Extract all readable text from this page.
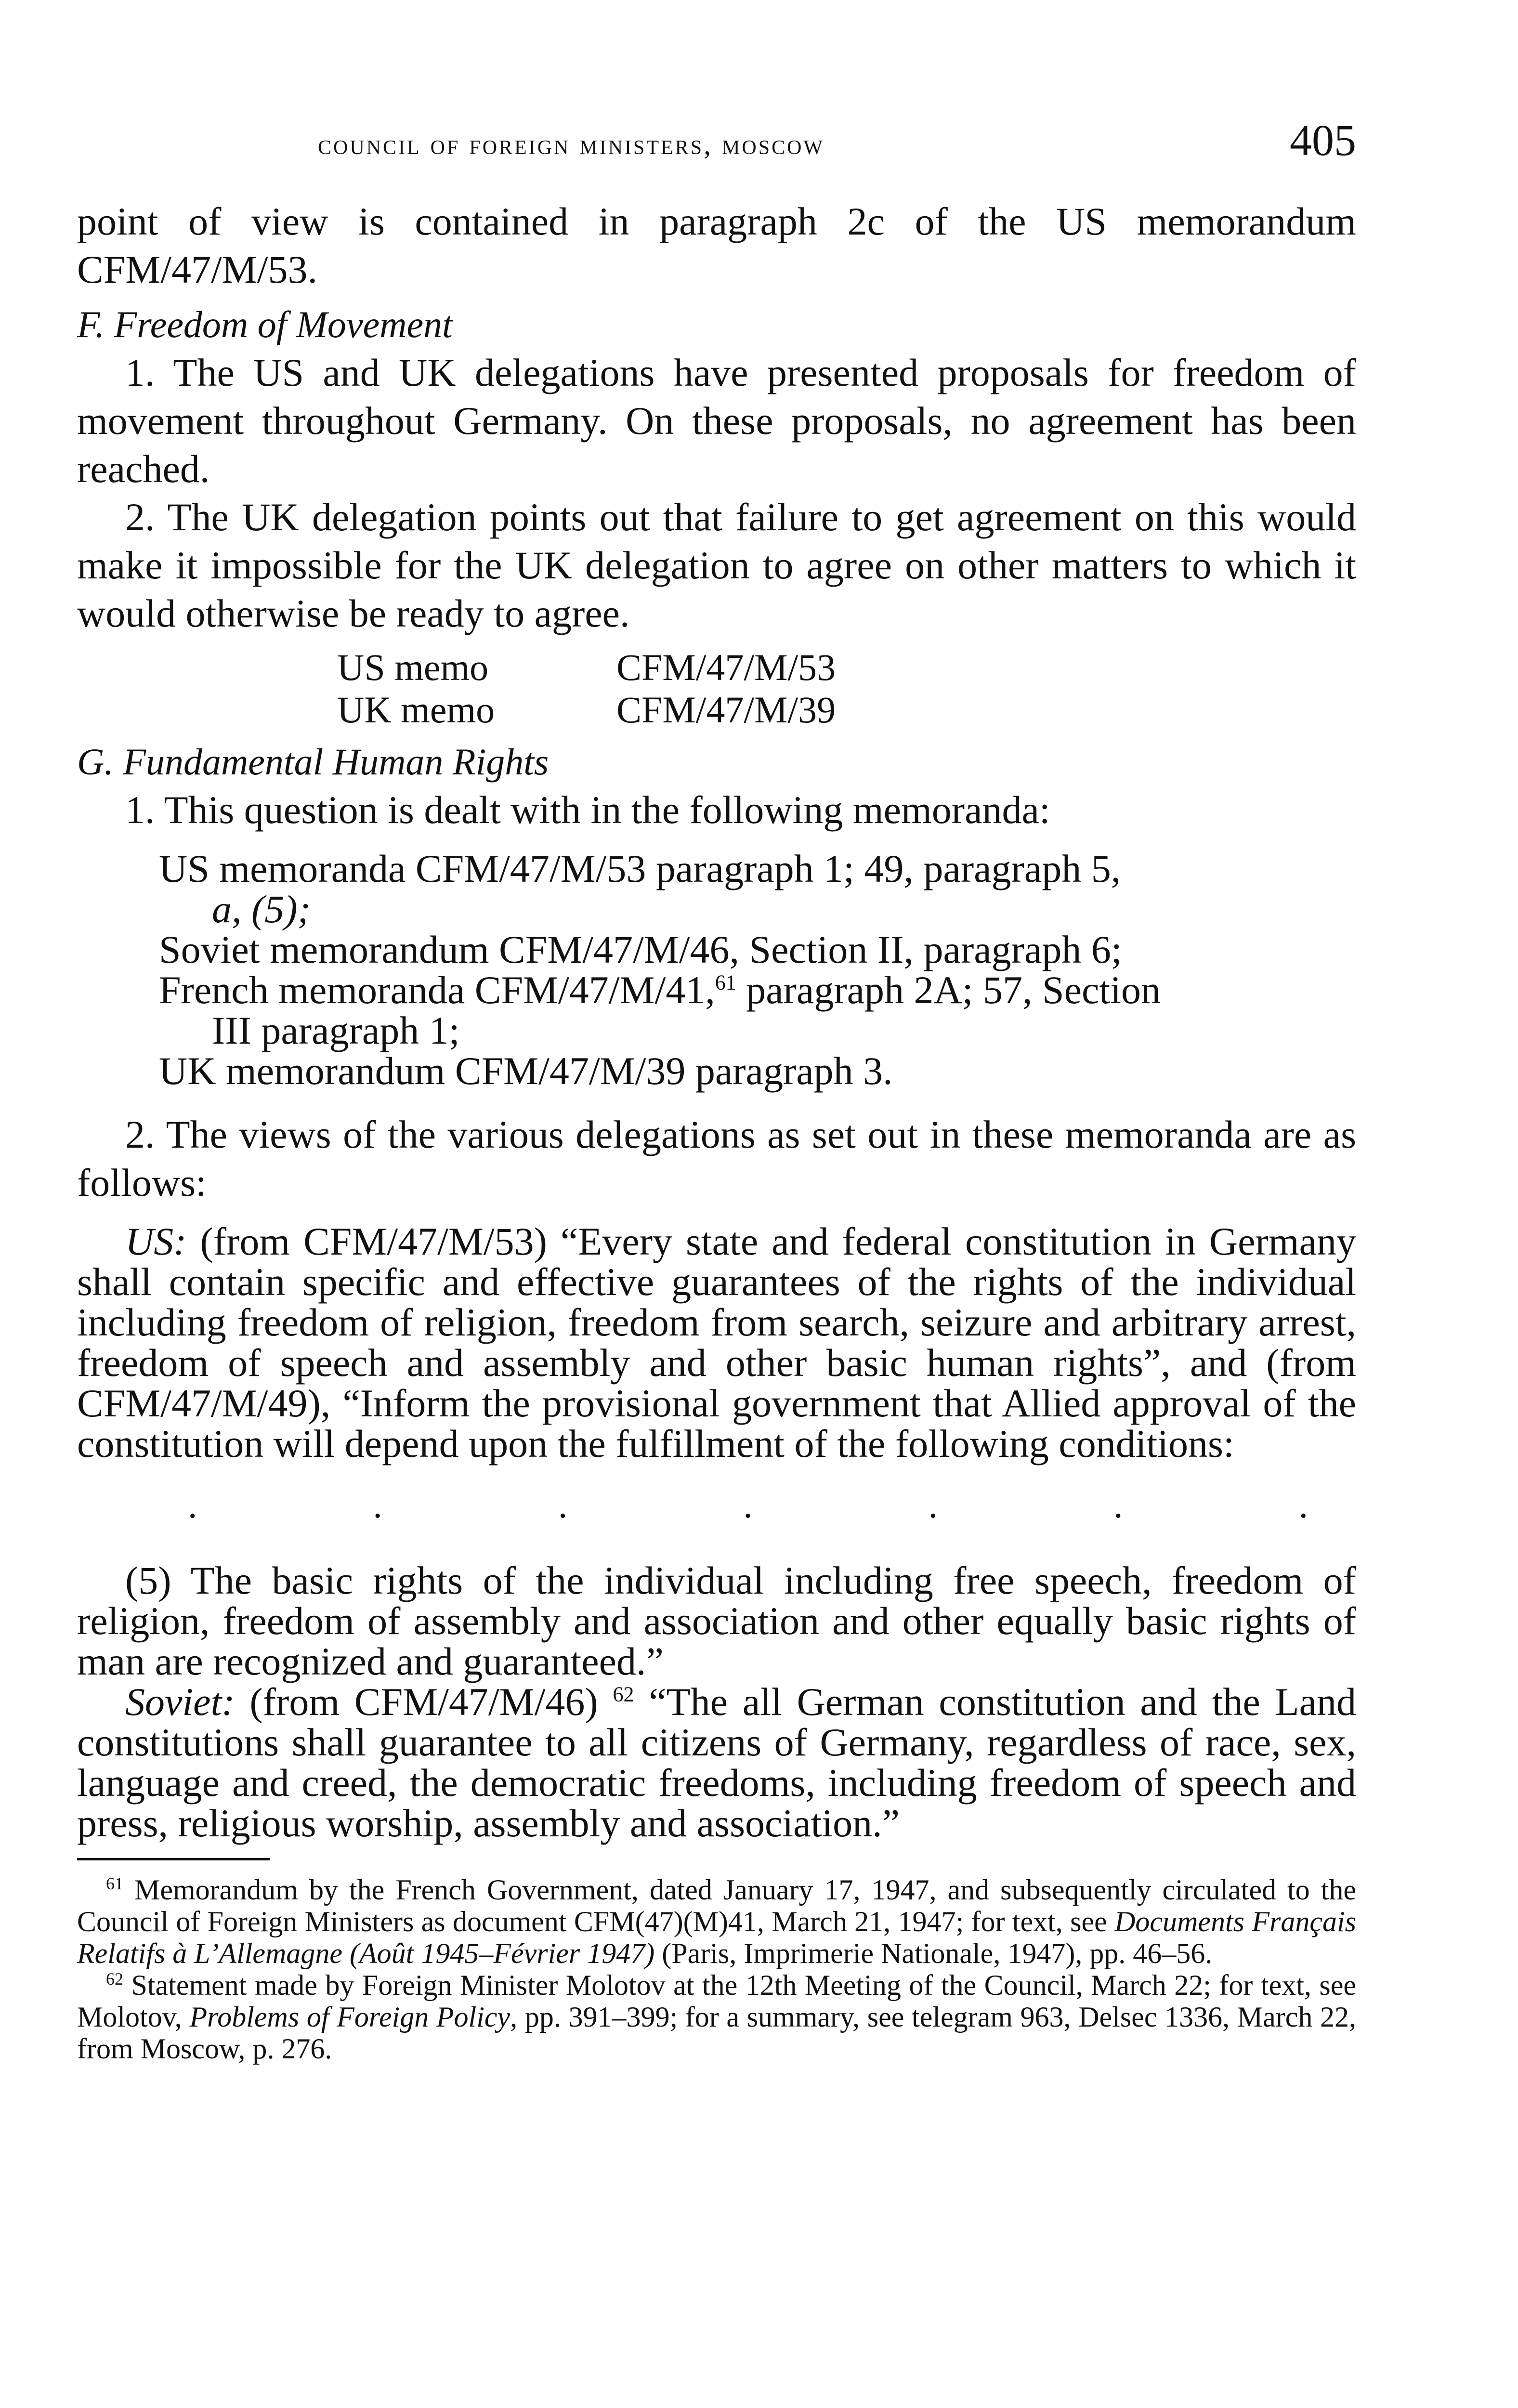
council of foreign ministers, moscow	405

point of view is contained in paragraph 2c of the US memorandum CFM/47/M/53.

F. Freedom of Movement

1. The US and UK delegations have presented proposals for freedom of movement throughout Germany. On these proposals, no agreement has been reached.

2. The UK delegation points out that failure to get agreement on this would make it impossible for the UK delegation to agree on other matters to which it would otherwise be ready to agree.

US memo	CFM/47/M/53
UK memo	CFM/47/M/39

G. Fundamental Human Rights

1. This question is dealt with in the following memoranda:

US memoranda CFM/47/M/53 paragraph 1; 49, paragraph 5,
a, (5);

Soviet memorandum CFM/47/M/46, Section II, paragraph 6;

French memoranda CFM/47/M/41,61 paragraph 2A; 57, Section
III paragraph 1;

UK memorandum CFM/47/M/39 paragraph 3.

2. The views of the various delegations as set out in these memoranda are as follows:

US: (from CFM/47/M/53) “Every state and federal constitution in Germany shall contain specific and effective guarantees of the rights of the individual including freedom of religion, freedom from search, seizure and arbitrary arrest, freedom of speech and assembly and other basic human rights”, and (from CFM/47/M/49), “Inform the provisional government that Allied approval of the constitution will depend upon the fulfillment of the following conditions:

.	.	.	.	.	.	.

(5) The basic rights of the individual including free speech, freedom of religion, freedom of assembly and association and other equally basic rights of man are recognized and guaranteed.”

Soviet: (from CFM/47/M/46) $^{62}$ “The all German constitution and the Land constitutions shall guarantee to all citizens of Germany, regardless of race, sex, language and creed, the democratic freedoms, including freedom of speech and press, religious worship, assembly and association.”

$^{61}$ Memorandum by the French Government, dated January 17, 1947, and subsequently circulated to the Council of Foreign Ministers as document CFM(47)(M)41, March 21, 1947; for text, see Documents Français Relatifs à L’Allemagne (Août 1945–Février 1947) (Paris, Imprimerie Nationale, 1947), pp. 46–56.

$^{62}$ Statement made by Foreign Minister Molotov at the 12th Meeting of the Council, March 22; for text, see Molotov, Problems of Foreign Policy, pp. 391–399; for a summary, see telegram 963, Delsec 1336, March 22, from Moscow, p. 276.
